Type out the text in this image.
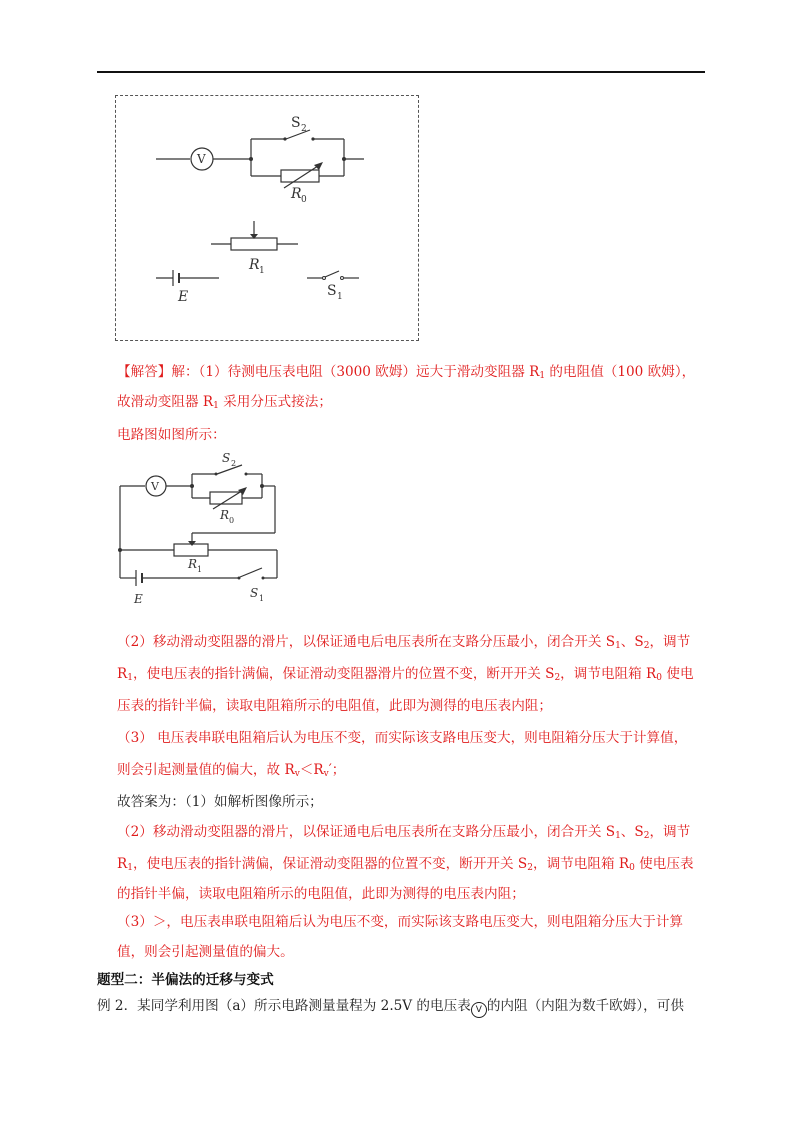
V
S 2
R 0
R 1
E	S 1
【解答】解：（1）待测电压表电阻（3000 欧姆）远大于滑动变阻器 $R_1$ 的电阻值（100 欧姆），
故滑动变阻器 $R_1$ 采用分压式接法；
电路图如图所示：
V
S 2
R 0
R 1
E	S 1
（2）移动滑动变阻器的滑片，以保证通电后电压表所在支路分压最小，闭合开关 $S_1$、$S_2$，调节
$R_1$，使电压表的指针满偏，保证滑动变阻器滑片的位置不变，断开开关 $S_2$，调节电阻箱 $R_0$ 使电
压表的指针半偏，读取电阻箱所示的电阻值，此即为测得的电压表内阻；
（3） 电压表串联电阻箱后认为电压不变，而实际该支路电压变大，则电阻箱分压大于计算值，
则会引起测量值的偏大，故 $R_v<R_v'$；
故答案为：（1）如解析图像所示；
（2）移动滑动变阻器的滑片，以保证通电后电压表所在支路分压最小，闭合开关 $S_1$、$S_2$，调节
$R_1$，使电压表的指针满偏，保证滑动变阻器的位置不变，断开开关 $S_2$，调节电阻箱 $R_0$ 使电压表
的指针半偏，读取电阻箱所示的电阻值，此即为测得的电压表内阻；
（3）＞，电压表串联电阻箱后认为电压不变，而实际该支路电压变大，则电阻箱分压大于计算
值，则会引起测量值的偏大。
题型二：半偏法的迁移与变式
例 2．某同学利用图（a）所示电路测量量程为 2.5V 的电压表 V 的内阻（内阻为数千欧姆），可供
